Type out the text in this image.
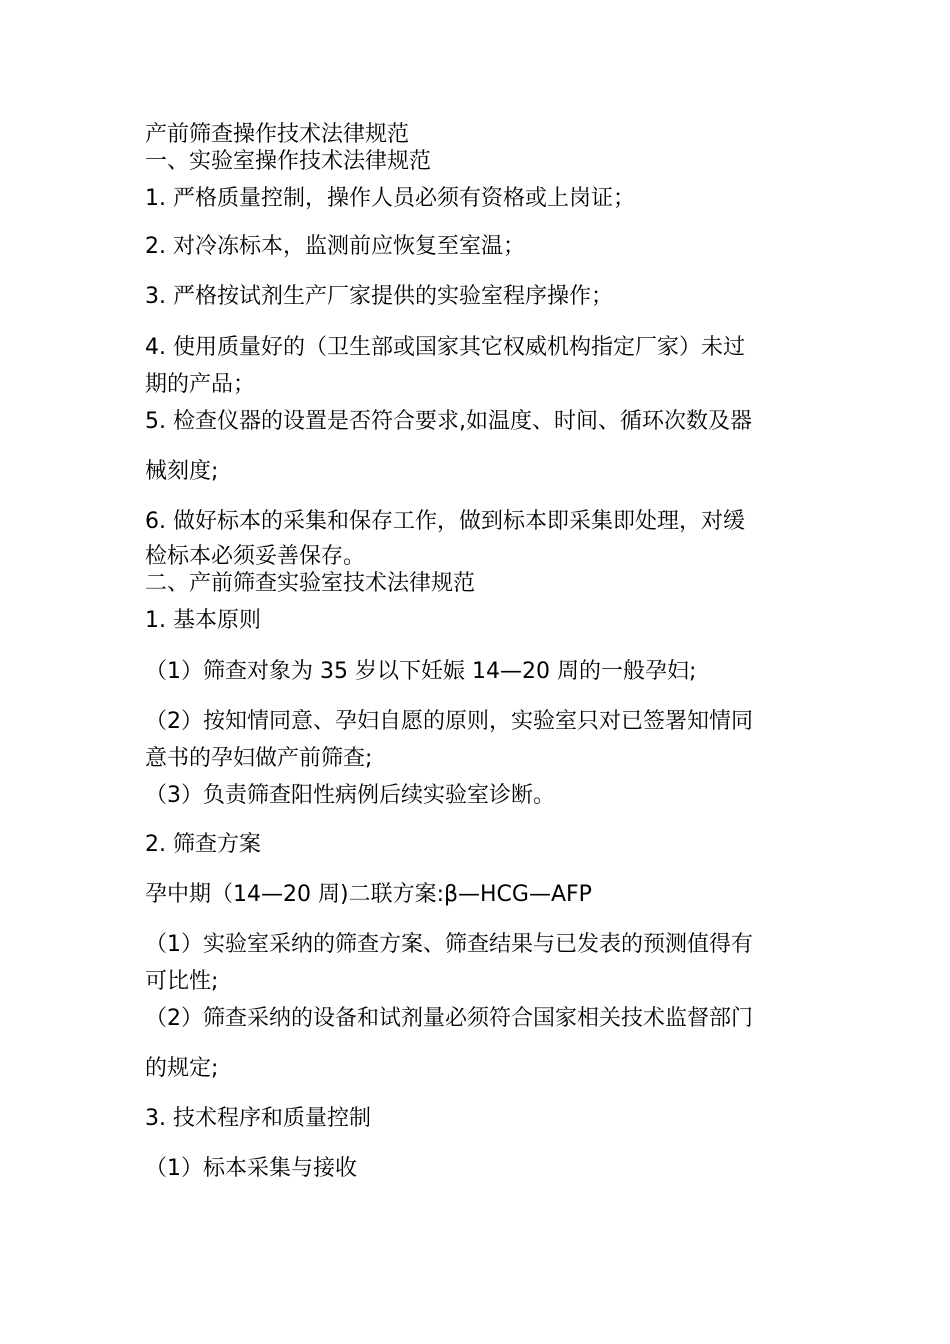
产前筛查操作技术法律规范
一、实验室操作技术法律规范
1. 严格质量控制，操作人员必须有资格或上岗证；
2. 对冷冻标本，监测前应恢复至室温；
3. 严格按试剂生产厂家提供的实验室程序操作；
4. 使用质量好的（卫生部或国家其它权威机构指定厂家）未过
期的产品；
5. 检查仪器的设置是否符合要求,如温度、时间、循环次数及器
械刻度;
6. 做好标本的采集和保存工作，做到标本即采集即处理，对缓
检标本必须妥善保存。
二、产前筛查实验室技术法律规范
1. 基本原则
（1）筛查对象为 35 岁以下妊娠 14—20 周的一般孕妇;
（2）按知情同意、孕妇自愿的原则，实验室只对已签署知情同
意书的孕妇做产前筛查;
（3）负责筛查阳性病例后续实验室诊断。
2. 筛查方案
孕中期（14—20 周)二联方案:β—HCG—AFP
（1）实验室采纳的筛查方案、筛查结果与已发表的预测值得有
可比性;
（2）筛查采纳的设备和试剂量必须符合国家相关技术监督部门
的规定;
3. 技术程序和质量控制
（1）标本采集与接收
